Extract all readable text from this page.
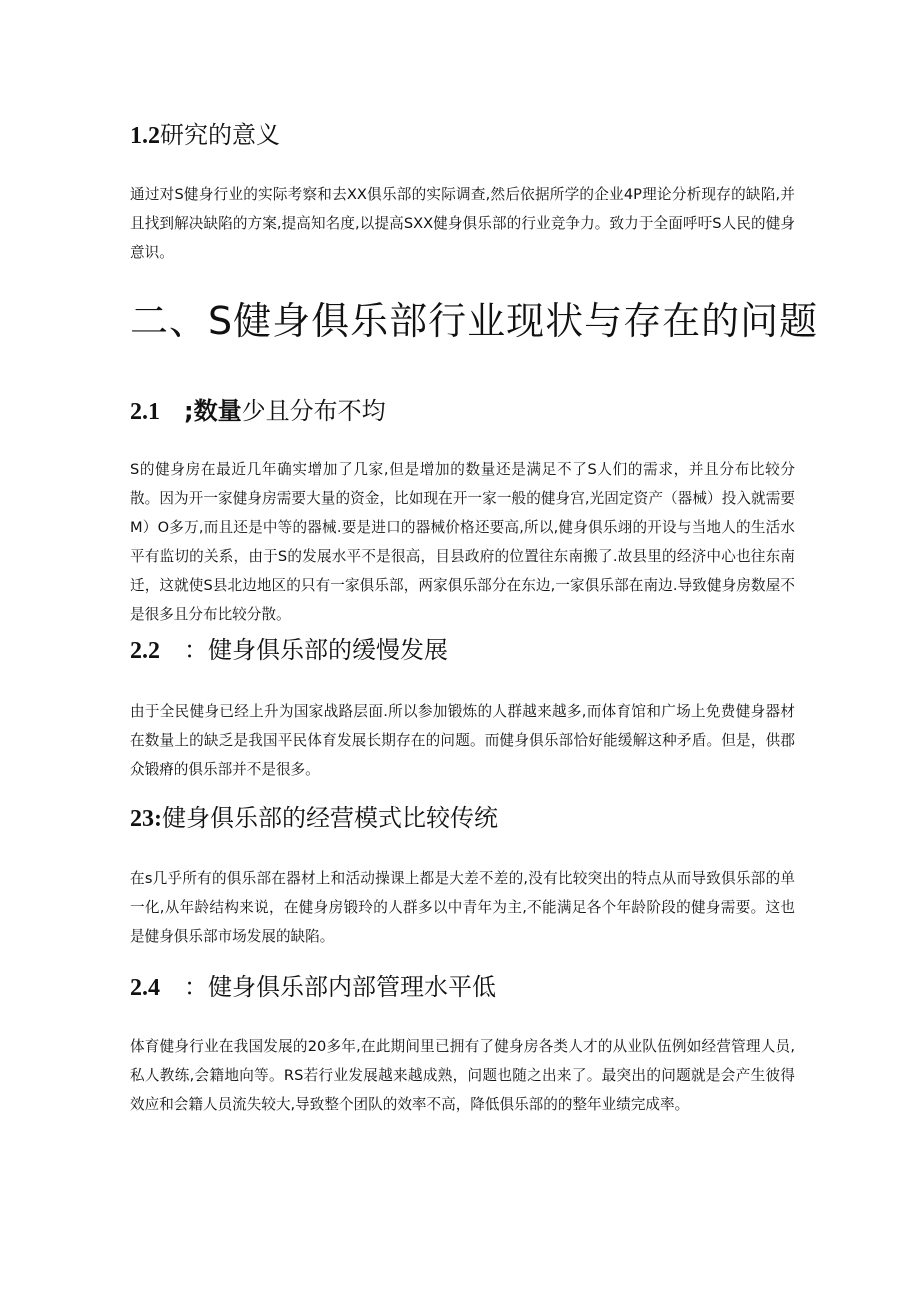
1.2研究的意义

通过对S健身行业的实际考察和去XX俱乐部的实际调查,然后依据所学的企业4P理论分析现存的缺陷,并且找到解决缺陷的方案,提高知名度,以提高SXX健身俱乐部的行业竞争力。致力于全面呼吁S人民的健身意识。

二、S健身俱乐部行业现状与存在的问题
2.1 ;数量少且分布不均

S的健身房在最近几年确实增加了几家,但是增加的数量还是满足不了S人们的需求，并且分布比较分散。因为开一家健身房需要大量的资金，比如现在开一家一般的健身宫,光固定资产（器械）投入就需要M）O多万,而且还是中等的器械.要是进口的器械价格还要高,所以,健身俱乐翊的开设与当地人的生活水平有监切的关系，由于S的发展水平不是很高，目县政府的位置往东南搬了.故县里的经济中心也往东南迁，这就使S县北边地区的只有一家俱乐部，两家俱乐部分在东边,一家俱乐部在南边.导致健身房数屋不是很多且分布比较分散。

2.2 ：健身俱乐部的缓慢发展

由于全民健身已经上升为国家战路层面.所以参加锻炼的人群越来越多,而体育馆和广场上免费健身器材在数量上的缺乏是我国平民体育发展长期存在的问题。而健身俱乐部恰好能缓解这种矛盾。但是，供郡众锻瘠的俱乐部并不是很多。

23:健身俱乐部的经营模式比较传统

在s几乎所有的俱乐部在器材上和活动操课上都是大差不差的,没有比较突出的特点从而导致俱乐部的单一化,从年龄结构来说，在健身房锻玲的人群多以中青年为主,不能满足各个年龄阶段的健身需要。这也是健身俱乐部市场发展的缺陷。

2.4 ：健身俱乐部内部管理水平低

体育健身行业在我国发展的20多年,在此期间里已拥有了健身房各类人才的从业队伍例如经营管理人员,私人教练,会籍地向等。RS若行业发展越来越成熟，问题也随之出来了。最突出的问题就是会产生彼得效应和会籍人员流失较大,导致整个团队的效率不高，降低俱乐部的的整年业绩完成率。
